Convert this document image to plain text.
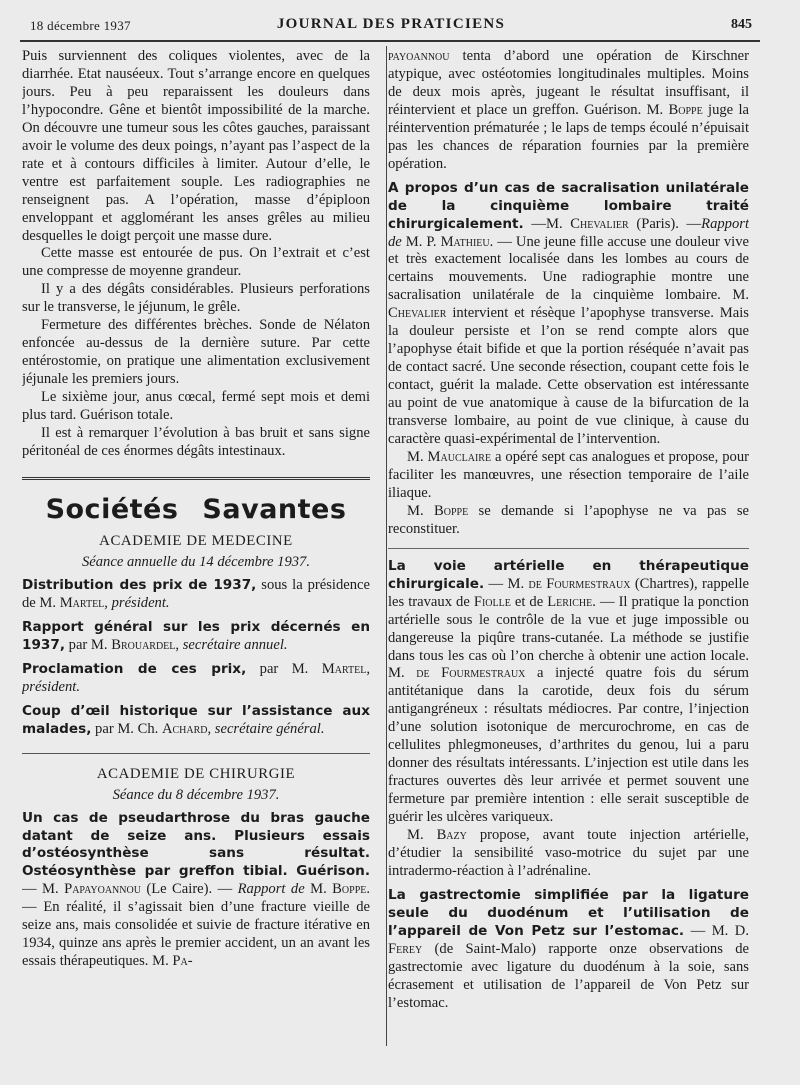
18 décembre 1937	JOURNAL DES PRATICIENS	845

Puis surviennent des coliques violentes, avec de la diarrhée. Etat nauséeux. Tout s’arrange encore en quelques jours. Peu à peu reparaissent les douleurs dans l’hypocondre. Gêne et bientôt impossibilité de la marche. On découvre une tumeur sous les côtes gauches, paraissant avoir le volume des deux poings, n’ayant pas l’aspect de la rate et à contours difficiles à limiter. Autour d’elle, le ventre est parfaitement souple. Les radiographies ne renseignent pas. A l’opération, masse d’épiploon enveloppant et agglomérant les anses grêles au milieu desquelles le doigt perçoit une masse dure.

Cette masse est entourée de pus. On l’extrait et c’est une compresse de moyenne grandeur.

Il y a des dégâts considérables. Plusieurs perforations sur le transverse, le jéjunum, le grêle.

Fermeture des différentes brèches. Sonde de Nélaton enfoncée au-dessus de la dernière suture. Par cette entérostomie, on pratique une alimentation exclusivement jéjunale les premiers jours.

Le sixième jour, anus cœcal, fermé sept mois et demi plus tard. Guérison totale.

Il est à remarquer l’évolution à bas bruit et sans signe péritonéal de ces énormes dégâts intestinaux.

Sociétés Savantes
ACADEMIE DE MEDECINE
Séance annuelle du 14 décembre 1937.

Distribution des prix de 1937, sous la présidence de M. Martel, président.

Rapport général sur les prix décernés en 1937, par M. Brouardel, secrétaire annuel.

Proclamation de ces prix, par M. Martel, président.

Coup d’œil historique sur l’assistance aux malades, par M. Ch. Achard, secrétaire général.

ACADEMIE DE CHIRURGIE
Séance du 8 décembre 1937.

Un cas de pseudarthrose du bras gauche datant de seize ans. Plusieurs essais d’ostéosynthèse sans résultat. Ostéosynthèse par greffon tibial. Guérison. — M. Papayoannou (Le Caire). — Rapport de M. Boppe. — En réalité, il s’agissait bien d’une fracture vieille de seize ans, mais consolidée et suivie de fracture itérative en 1934, quinze ans après le premier accident, un an avant les essais thérapeutiques. M. Pa-

payoannou tenta d’abord une opération de Kirschner atypique, avec ostéotomies longitudinales multiples. Moins de deux mois après, jugeant le résultat insuffisant, il réintervient et place un greffon. Guérison. M. Boppe juge la réintervention prématurée ; le laps de temps écoulé n’épuisait pas les chances de réparation fournies par la première opération.

A propos d’un cas de sacralisation unilatérale de la cinquième lombaire traité chirurgicalement. —M. Chevalier (Paris). —Rapport de M. P. Mathieu. — Une jeune fille accuse une douleur vive et très exactement localisée dans les lombes au cours de certains mouvements. Une radiographie montre une sacralisation unilatérale de la cinquième lombaire. M. Chevalier intervient et résèque l’apophyse transverse. Mais la douleur persiste et l’on se rend compte alors que l’apophyse était bifide et que la portion réséquée n’avait pas de contact sacré. Une seconde résection, coupant cette fois le contact, guérit la malade. Cette observation est intéressante au point de vue anatomique à cause de la bifurcation de la transverse lombaire, au point de vue clinique, à cause du caractère quasi-expérimental de l’intervention.

M. Mauclaire a opéré sept cas analogues et propose, pour faciliter les manœuvres, une résection temporaire de l’aile iliaque.

M. Boppe se demande si l’apophyse ne va pas se reconstituer.

La voie artérielle en thérapeutique chirurgicale. — M. de Fourmestraux (Chartres), rappelle les travaux de Fiolle et de Leriche. — Il pratique la ponction artérielle sous le contrôle de la vue et juge impossible ou dangereuse la piqûre trans-cutanée. La méthode se justifie dans tous les cas où l’on cherche à obtenir une action locale. M. de Fourmestraux a injecté quatre fois du sérum antitétanique dans la carotide, deux fois du sérum antigangréneux : résultats médiocres. Par contre, l’injection d’une solution isotonique de mercurochrome, en cas de cellulites phlegmoneuses, d’arthrites du genou, lui a paru donner des résultats intéressants. L’injection est utile dans les fractures ouvertes dès leur arrivée et permet souvent une fermeture par première intention : elle serait susceptible de guérir les ulcères variqueux.

M. Bazy propose, avant toute injection artérielle, d’étudier la sensibilité vaso-motrice du sujet par une intradermo-réaction à l’adrénaline.

La gastrectomie simplifiée par la ligature seule du duodénum et l’utilisation de l’appareil de Von Petz sur l’estomac. — M. D. Ferey (de Saint-Malo) rapporte onze observations de gastrectomie avec ligature du duodénum à la soie, sans écrasement et utilisation de l’appareil de Von Petz sur l’estomac.
